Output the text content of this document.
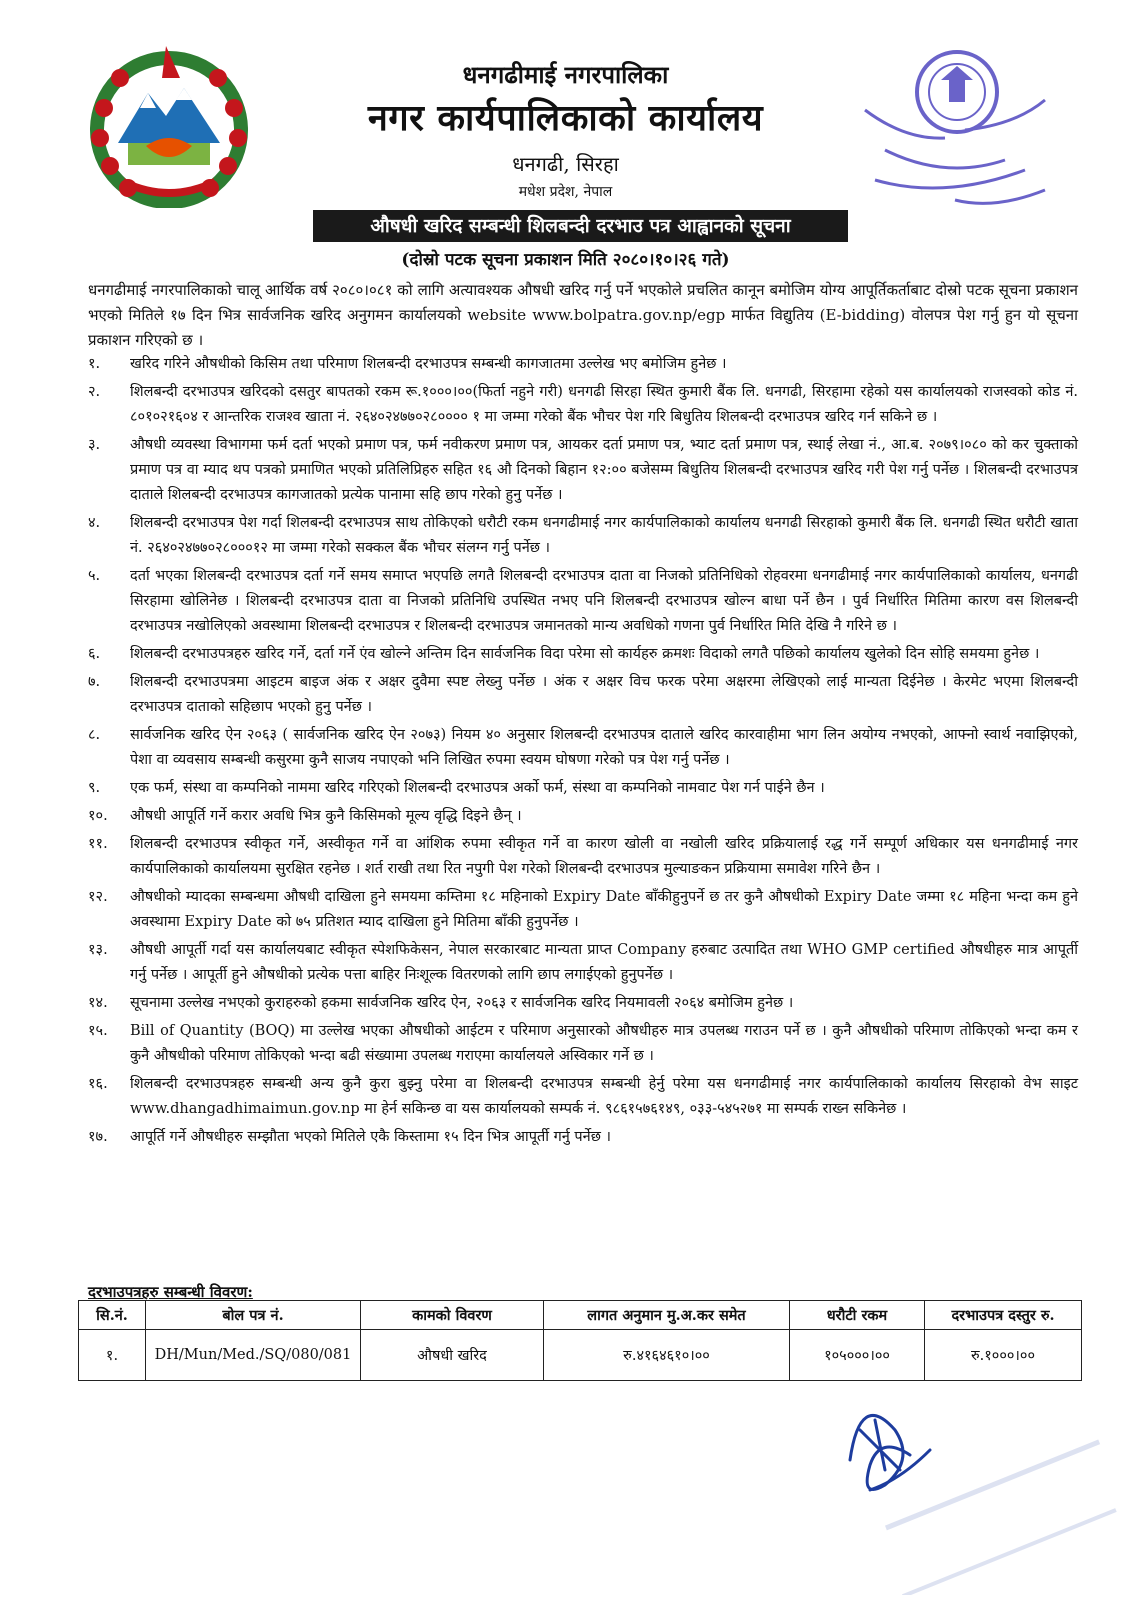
धनगढीमाई नगरपालिका
नगर कार्यपालिकाको कार्यालय
धनगढी, सिरहा
मधेश प्रदेश, नेपाल
औषधी खरिद सम्बन्धी शिलबन्दी दरभाउ पत्र आह्वानको सूचना
(दोस्रो पटक सूचना प्रकाशन मिति २०८०।१०।२६ गते)
धनगढीमाई नगरपालिकाको चालू आर्थिक वर्ष २०८०।०८१ को लागि अत्यावश्यक औषधी खरिद गर्नु पर्ने भएकोले प्रचलित कानून बमोजिम योग्य आपूर्तिकर्ताबाट दोस्रो पटक सूचना प्रकाशन भएको मितिले १७ दिन भित्र सार्वजनिक खरिद अनुगमन कार्यालयको website www.bolpatra.gov.np/egp मार्फत विद्युतिय (E-bidding) वोलपत्र पेश गर्नु हुन यो सूचना प्रकाशन गरिएको छ ।
१.	खरिद गरिने औषधीको किसिम तथा परिमाण शिलबन्दी दरभाउपत्र सम्बन्धी कागजातमा उल्लेख भए बमोजिम हुनेछ ।
२.	शिलबन्दी दरभाउपत्र खरिदको दसतुर बापतको रकम रू.१०००।००(फिर्ता नहुने गरी) धनगढी सिरहा स्थित कुमारी बैंक लि. धनगढी, सिरहामा रहेको यस कार्यालयको राजस्वको कोड नं. ८०१०२१६०४ र आन्तरिक राजश्व खाता नं. २६४०२४७७०२८०००० १ मा जम्मा गरेको बैंक भौचर पेश गरि बिधुतिय शिलबन्दी दरभाउपत्र खरिद गर्न सकिने छ ।
३.	औषधी व्यवस्था विभागमा फर्म दर्ता भएको प्रमाण पत्र, फर्म नवीकरण प्रमाण पत्र, आयकर दर्ता प्रमाण पत्र, भ्याट दर्ता प्रमाण पत्र, स्थाई लेखा नं., आ.ब. २०७९।०८० को कर चुक्ताको प्रमाण पत्र वा म्याद थप पत्रको प्रमाणित भएको प्रतिलिप्रिहरु सहित १६ औ दिनको बिहान १२:०० बजेसम्म बिधुतिय शिलबन्दी दरभाउपत्र खरिद गरी पेश गर्नु पर्नेछ । शिलबन्दी दरभाउपत्र दाताले शिलबन्दी दरभाउपत्र कागजातको प्रत्येक पानामा सहि छाप गरेको हुनु पर्नेछ ।
४.	शिलबन्दी दरभाउपत्र पेश गर्दा शिलबन्दी दरभाउपत्र साथ तोकिएको धरौटी रकम धनगढीमाई नगर कार्यपालिकाको कार्यालय धनगढी सिरहाको कुमारी बैंक लि. धनगढी स्थित धरौटी खाता नं. २६४०२४७७०२८०००१२ मा जम्मा गरेको सक्कल बैंक भौचर संलग्न गर्नु पर्नेछ ।
५.	दर्ता भएका शिलबन्दी दरभाउपत्र दर्ता गर्ने समय समाप्त भएपछि लगतै शिलबन्दी दरभाउपत्र दाता वा निजको प्रतिनिधिको रोहवरमा धनगढीमाई नगर कार्यपालिकाको कार्यालय, धनगढी सिरहामा खोलिनेछ । शिलबन्दी दरभाउपत्र दाता वा निजको प्रतिनिधि उपस्थित नभए पनि शिलबन्दी दरभाउपत्र खोल्न बाधा पर्ने छैन । पुर्व निर्धारित मितिमा कारण वस शिलबन्दी दरभाउपत्र नखोलिएको अवस्थामा शिलबन्दी दरभाउपत्र र शिलबन्दी दरभाउपत्र जमानतको मान्य अवधिको गणना पुर्व निर्धारित मिति देखि नै गरिने छ ।
६.	शिलबन्दी दरभाउपत्रहरु खरिद गर्ने, दर्ता गर्ने एंव खोल्ने अन्तिम दिन सार्वजनिक विदा परेमा सो कार्यहरु क्रमशः विदाको लगतै पछिको कार्यालय खुलेको दिन सोहि समयमा हुनेछ ।
७.	शिलबन्दी दरभाउपत्रमा आइटम बाइज अंक र अक्षर दुवैमा स्पष्ट लेख्नु पर्नेछ । अंक र अक्षर विच फरक परेमा अक्षरमा लेखिएको लाई मान्यता दिईनेछ । केरमेट भएमा शिलबन्दी दरभाउपत्र दाताको सहिछाप भएको हुनु पर्नेछ ।
८.	सार्वजनिक खरिद ऐन २०६३ ( सार्वजनिक खरिद ऐन २०७३) नियम ४० अनुसार शिलबन्दी दरभाउपत्र दाताले खरिद कारवाहीमा भाग लिन अयोग्य नभएको, आफ्नो स्वार्थ नवाझिएको, पेशा वा व्यवसाय सम्बन्धी कसुरमा कुनै साजय नपाएको भनि लिखित रुपमा स्वयम घोषणा गरेको पत्र पेश गर्नु पर्नेछ ।
९.	एक फर्म, संस्था वा कम्पनिको नाममा खरिद गरिएको शिलबन्दी दरभाउपत्र अर्को फर्म, संस्था वा कम्पनिको नामवाट पेश गर्न पाईने छैन ।
१०.	औषधी आपूर्ति गर्ने करार अवधि भित्र कुनै किसिमको मूल्य वृद्धि दिइने छैन् ।
११.	शिलबन्दी दरभाउपत्र स्वीकृत गर्ने, अस्वीकृत गर्ने वा आंशिक रुपमा स्वीकृत गर्ने वा कारण खोली वा नखोली खरिद प्रक्रियालाई रद्ध गर्ने सम्पूर्ण अधिकार यस धनगढीमाई नगर कार्यपालिकाको कार्यालयमा सुरक्षित रहनेछ । शर्त राखी तथा रित नपुगी पेश गरेको शिलबन्दी दरभाउपत्र मुल्याङकन प्रक्रियामा समावेश गरिने छैन ।
१२.	औषधीको म्यादका सम्बन्धमा औषधी दाखिला हुने समयमा कम्तिमा १८ महिनाको Expiry Date बाँकीहुनुपर्ने छ तर कुनै औषधीको Expiry Date जम्मा १८ महिना भन्दा कम हुने अवस्थामा Expiry Date को ७५ प्रतिशत म्याद दाखिला हुने मितिमा बाँकी हुनुपर्नेछ ।
१३.	औषधी आपूर्ती गर्दा यस कार्यालयबाट स्वीकृत स्पेशफिकेसन, नेपाल सरकारबाट मान्यता प्राप्त Company हरुबाट उत्पादित तथा WHO GMP certified औषधीहरु मात्र आपूर्ती गर्नु पर्नेछ । आपूर्ती हुने औषधीको प्रत्येक पत्ता बाहिर निःशूल्क वितरणको लागि छाप लगाईएको हुनुपर्नेछ ।
१४.	सूचनामा उल्लेख नभएको कुराहरुको हकमा सार्वजनिक खरिद ऐन, २०६३ र सार्वजनिक खरिद नियमावली २०६४ बमोजिम हुनेछ ।
१५.	Bill of Quantity (BOQ) मा उल्लेख भएका औषधीको आईटम र परिमाण अनुसारको औषधीहरु मात्र उपलब्ध गराउन पर्ने छ । कुनै औषधीको परिमाण तोकिएको भन्दा कम र कुनै औषधीको परिमाण तोकिएको भन्दा बढी संख्यामा उपलब्ध गराएमा कार्यालयले अस्विकार गर्ने छ ।
१६.	शिलबन्दी दरभाउपत्रहरु सम्बन्धी अन्य कुनै कुरा बुझ्नु परेमा वा शिलबन्दी दरभाउपत्र सम्बन्धी हेर्नु परेमा यस धनगढीमाई नगर कार्यपालिकाको कार्यालय सिरहाको वेभ साइट www.dhangadhimaimun.gov.np मा हेर्न सकिन्छ वा यस कार्यालयको सम्पर्क नं. ९८६१५७६१४९, ०३३-५४५२७१ मा सम्पर्क राख्न सकिनेछ ।
१७.	आपूर्ति गर्ने औषधीहरु सम्झौता भएको मितिले एकै किस्तामा १५ दिन भित्र आपूर्ती गर्नु पर्नेछ ।
दरभाउपत्रहरु सम्बन्धी विवरण:
सि.नं.	बोल पत्र नं.	कामको विवरण	लागत अनुमान मु.अ.कर समेत	धरौटी रकम	दरभाउपत्र दस्तुर रु.
१.	DH/Mun/Med./SQ/080/081	औषधी खरिद	रु.४१६४६१०।००	१०५०००।००	रु.१०००।००
